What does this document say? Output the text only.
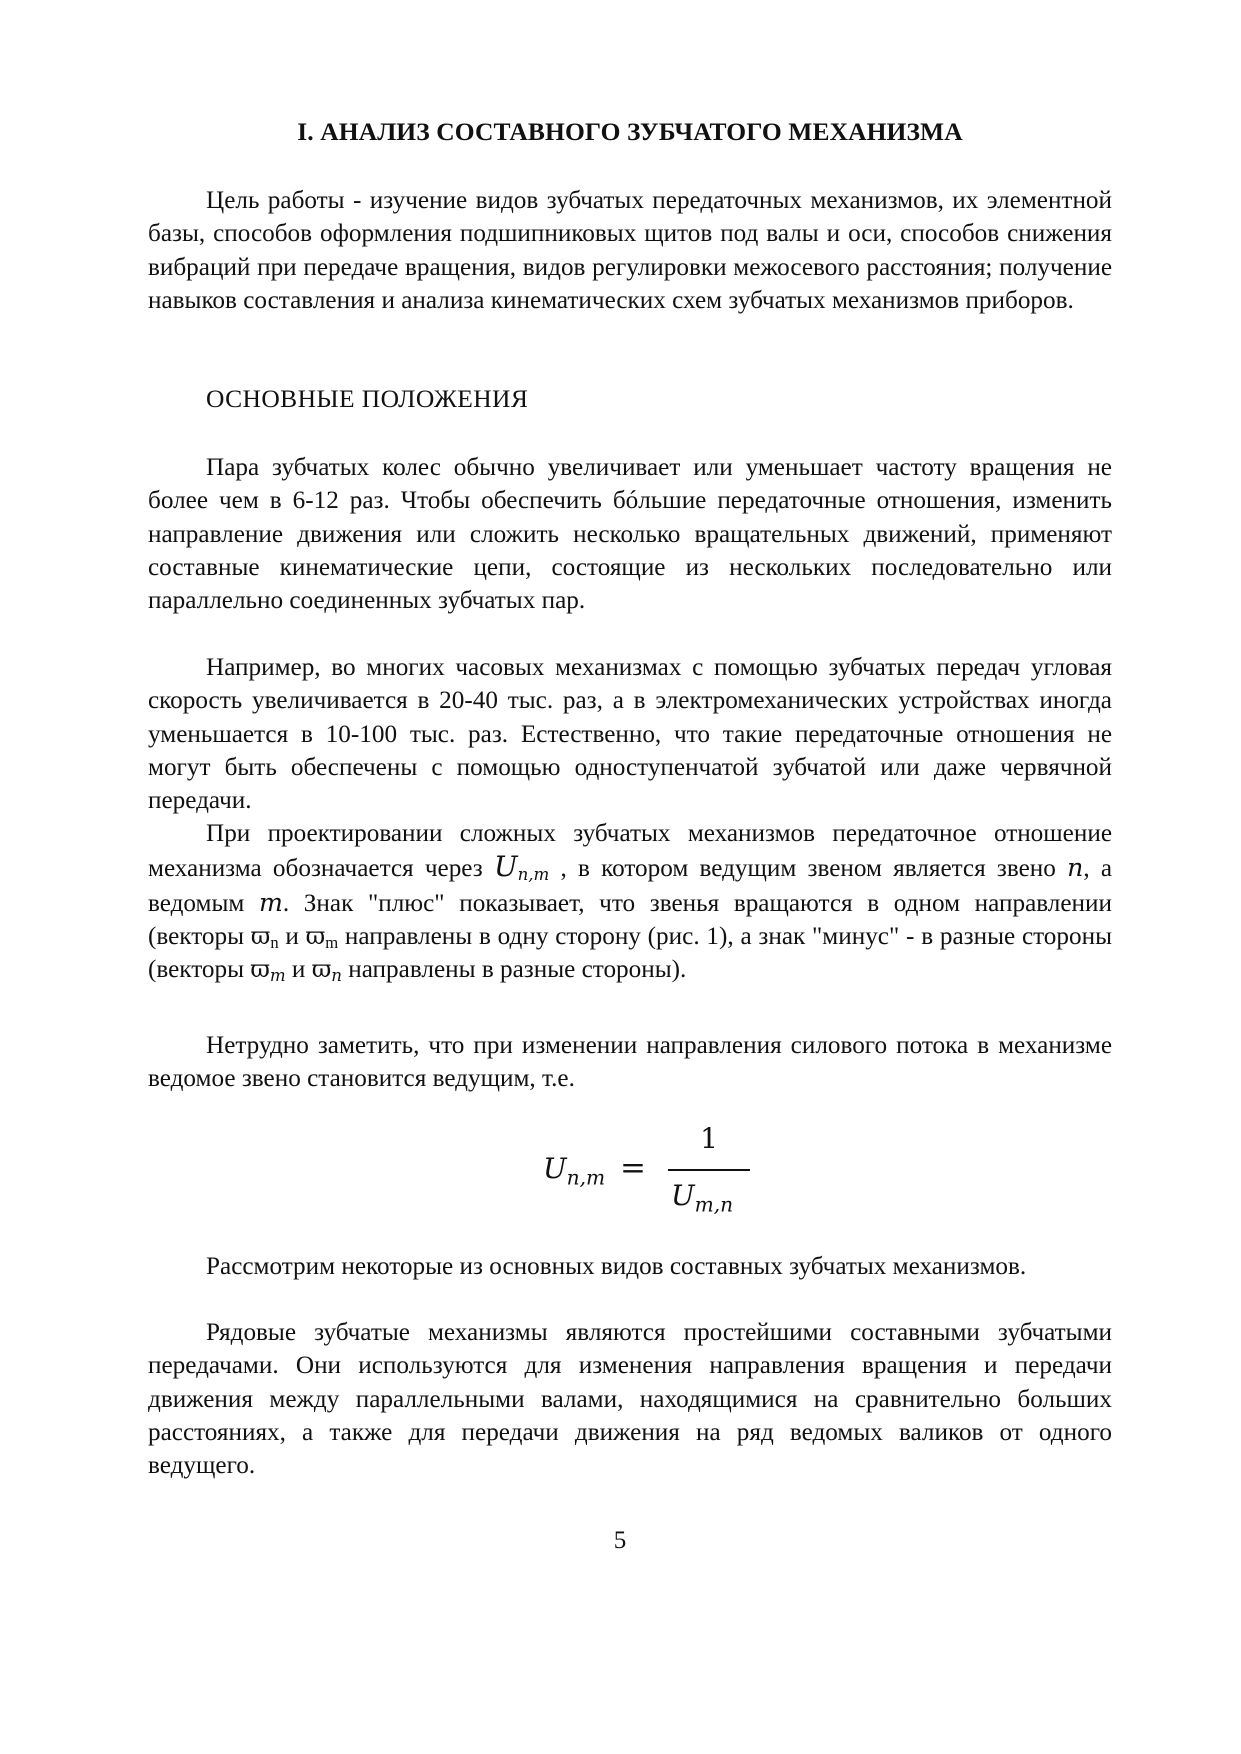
I. АНАЛИЗ СОСТАВНОГО ЗУБЧАТОГО МЕХАНИЗМА
Цель работы - изучение видов зубчатых передаточных механизмов, их элементной базы, способов оформления подшипниковых щитов под валы и оси, способов снижения вибраций при передаче вращения, видов регулировки межосевого расстояния; получение навыков составления и анализа кинематических схем зубчатых механизмов приборов.
ОСНОВНЫЕ ПОЛОЖЕНИЯ
Пара зубчатых колес обычно увеличивает или уменьшает частоту вращения не более чем в 6-12 раз. Чтобы обеспечить бóльшие передаточные отношения, изменить направление движения или сложить несколько вращательных движений, применяют составные кинематические цепи, состоящие из нескольких последовательно или параллельно соединенных зубчатых пар.
Например, во многих часовых механизмах с помощью зубчатых передач угловая скорость увеличивается в 20-40 тыс. раз, а в электромеханических устройствах иногда уменьшается в 10-100 тыс. раз. Естественно, что такие передаточные отношения не могут быть обеспечены с помощью одноступенчатой зубчатой или даже червячной передачи.
При проектировании сложных зубчатых механизмов передаточное отношение механизма обозначается через $U_{n,m}$ , в котором ведущим звеном является звено n, а ведомым m. Знак "плюс" показывает, что звенья вращаются в одном направлении (векторы $ϖ_n$ и $ϖ_m$ направлены в одну сторону (рис. 1), а знак "минус" - в разные стороны (векторы $ϖ_m$ и $ϖ_n$ направлены в разные стороны).
Нетрудно заметить, что при изменении направления силового потока в механизме ведомое звено становится ведущим, т.е.
$U_{n,m}$ =
1
$U_{m,n}$
Рассмотрим некоторые из основных видов составных зубчатых механизмов.
Рядовые зубчатые механизмы являются простейшими составными зубчатыми передачами. Они используются для изменения направления вращения и передачи движения между параллельными валами, находящимися на сравнительно больших расстояниях, а также для передачи движения на ряд ведомых валиков от одного ведущего.
5
